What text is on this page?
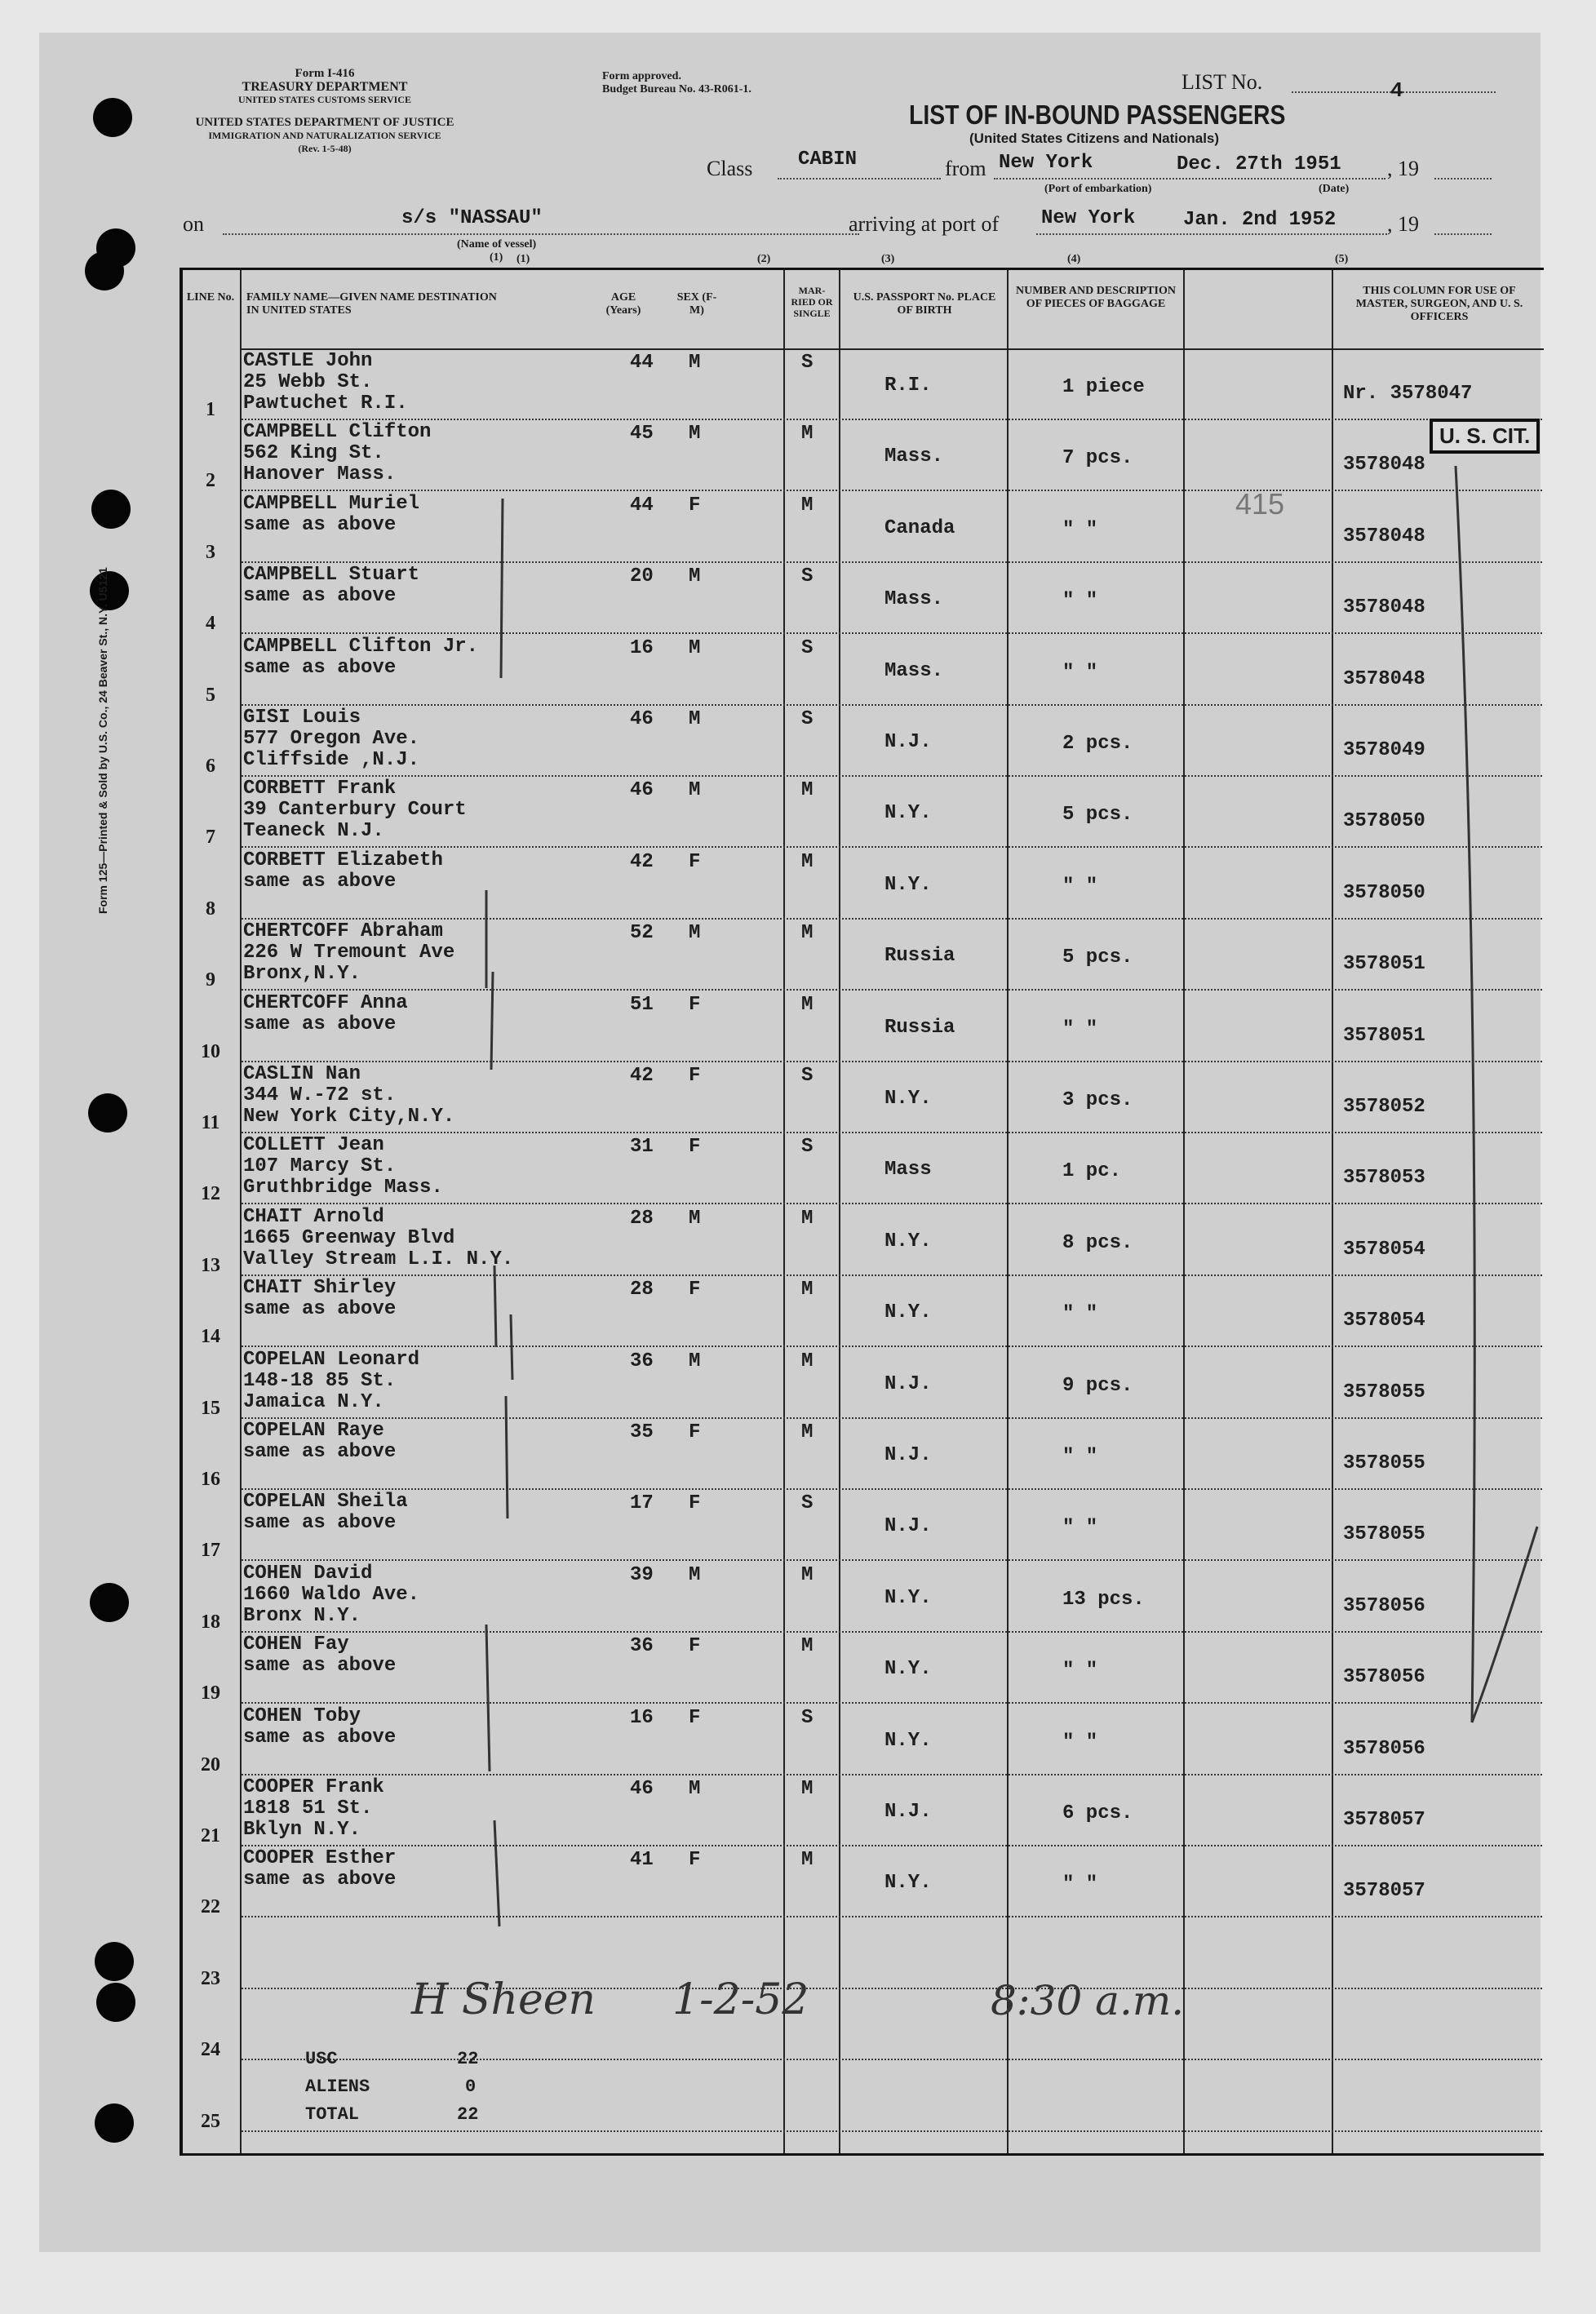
Form 125—Printed & Sold by U.S. Co., 24 Beaver St., N.Y. U5121
Form I-416
TREASURY DEPARTMENT
UNITED STATES CUSTOMS SERVICE
UNITED STATES DEPARTMENT OF JUSTICE
IMMIGRATION AND NATURALIZATION SERVICE
(Rev. 1-5-48)
Form approved.
Budget Bureau No. 43-R061-1.	LIST No.	4
LIST OF IN-BOUND PASSENGERS
(United States Citizens and Nationals)
Class CABIN	from New York	Dec. 27th 1951 , 19
(Port of embarkation)	(Date)
on	s/s "NASSAU"
(Name of vessel)
(1)
arriving at port of New York Jan. 2nd 1952 , 19
(1)	(2)	(3)	(4)	(5)
LINE No. FAMILY NAME—GIVEN NAME DESTINATION IN UNITED STATES
AGE (Years)
SEX (F-M)
MAR-RIED OR SINGLE
U.S. PASSPORT No. PLACE OF BIRTH
NUMBER AND DESCRIPTION OF PIECES OF BAGGAGE
THIS COLUMN FOR USE OF MASTER, SURGEON, AND U. S. OFFICERS
1
CASTLE John
25 Webb St.
Pawtuchet R.I.
44 M	S
R.I.	1 piece	Nr. 3578047
2
CAMPBELL Clifton
562 King St.
Hanover Mass.
45 M	M
Mass.	7 pcs.	3578048
3
CAMPBELL Muriel
same as above
44 F	M
Canada	" "	3578048
4
CAMPBELL Stuart
same as above
20 M	S
Mass.	" "	3578048
5
CAMPBELL Clifton Jr.
same as above
16 M	S
Mass.	" "	3578048
6
GISI Louis
577 Oregon Ave.
Cliffside ,N.J.
46 M	S
N.J.	2 pcs.	3578049
7
CORBETT Frank
39 Canterbury Court
Teaneck N.J.
46 M	M
N.Y.	5 pcs.	3578050
8
CORBETT Elizabeth
same as above
42 F	M
N.Y.	" "	3578050
9
CHERTCOFF Abraham
226 W Tremount Ave
Bronx,N.Y.
52 M	M
Russia	5 pcs.	3578051
10
CHERTCOFF Anna
same as above
51 F	M
Russia	" "	3578051
11
CASLIN Nan
344 W.-72 st.
New York City,N.Y.
42 F	S
N.Y.	3 pcs.	3578052
12
COLLETT Jean
107 Marcy St.
Gruthbridge Mass.
31 F	S
Mass	1 pc.	3578053
13
CHAIT Arnold
1665 Greenway Blvd
Valley Stream L.I. N.Y.
28 M	M
N.Y.	8 pcs.	3578054
14
CHAIT Shirley
same as above
28 F	M
N.Y.	" "	3578054
15
COPELAN Leonard
148-18 85 St.
Jamaica N.Y.
36 M	M
N.J.	9 pcs.	3578055
16
COPELAN Raye
same as above
35 F	M
N.J.	" "	3578055
17
COPELAN Sheila
same as above
17 F	S
N.J.	" "	3578055
18
COHEN David
1660 Waldo Ave.
Bronx N.Y.
39 M	M
N.Y.	13 pcs.	3578056
19
COHEN Fay
same as above
36 F	M
N.Y.	" "	3578056
20
COHEN Toby
same as above
16 F	S
N.Y.	" "	3578056
21
COOPER Frank
1818 51 St.
Bklyn N.Y.
46 M	M
N.J.	6 pcs.	3578057
22
COOPER Esther
same as above
41 F	M
N.Y.	" "	3578057
23
24
25
USC	22
ALIENS	0
TOTAL	22
H Sheen 1-2-52	8:30 a.m.
U. S. CIT.
415
